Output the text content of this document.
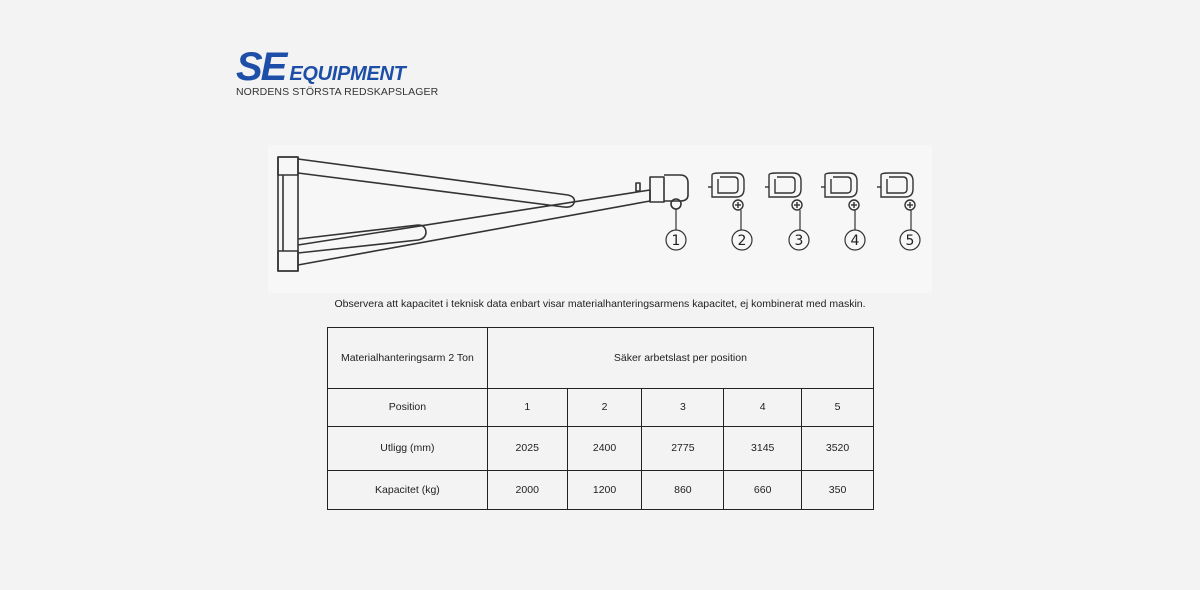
SE EQUIPMENT
NORDENS STÖRSTA REDSKAPSLAGER
1	2	3	4	5
Observera att kapacitet i teknisk data enbart visar materialhanteringsarmens kapacitet, ej kombinerat med maskin.
Materialhanteringsarm 2 Ton	Säker arbetslast per position				
Position	1	2	3	4	5
Utligg (mm)	2025	2400	2775	3145	3520
Kapacitet (kg)	2000	1200	860	660	350
